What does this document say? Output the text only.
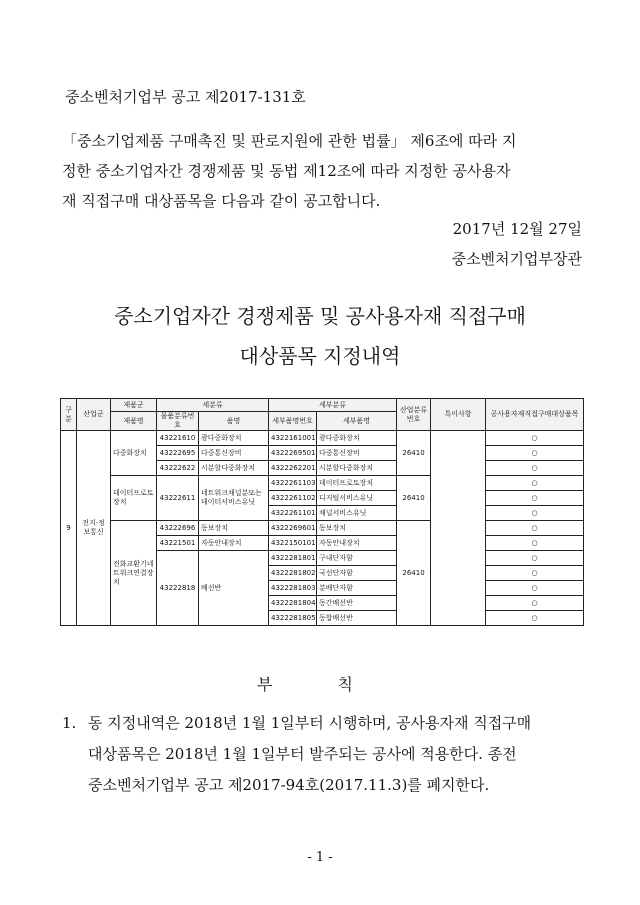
중소벤처기업부 공고 제2017-131호
「중소기업제품 구매촉진 및 판로지원에 관한 법률」 제6조에 따라 지
정한 중소기업자간 경쟁제품 및 동법 제12조에 따라 지정한 공사용자
재 직접구매 대상품목을 다음과 같이 공고합니다.
2017년 12월 27일
중소벤처기업부장관
중소기업자간 경쟁제품 및 공사용자재 직접구매
대상품목 지정내역
구분	산업군	제품군	세분류		세부분류		산업분류번호	특이사항	공사용자재직접구매대상품목
		제품명	물품분류번호	품명	세부품명번호	세부품명			
9	전지·정보통신	다중화장치	43221610	광다중화장치	4322161001	광다중화장치	26410		○
			43222695	다중통신장비	4322269501	다중통신장비			○
			43222622	시분할다중화장치	4322262201	시분할다중화장치			○
		데이터프로토장치	43222611	네트워크채널분또는데이터서비스유닛	4322261103	데이터프로토장치	26410		○
					4322261102	디지털서비스유닛			○
					4322261101	채널서비스유닛			○
		전화교환기네트워크연결장치	43222696	동보장치	4322269601	동보장치	26410		○
			43221501	자동안내장치	4322150101	자동안내장치			○
			43222818	배선반	4322281801	구내단자함			○
					4322281802	국선단자함			○
					4322281803	분배단자함			○
					4322281804	동간배선반			○
					4322281805	동합배선반			○
부 칙
1. 동 지정내역은 2018년 1월 1일부터 시행하며, 공사용자재 직접구매
대상품목은 2018년 1월 1일부터 발주되는 공사에 적용한다. 종전
중소벤처기업부 공고 제2017-94호(2017.11.3)를 폐지한다.
- 1 -
